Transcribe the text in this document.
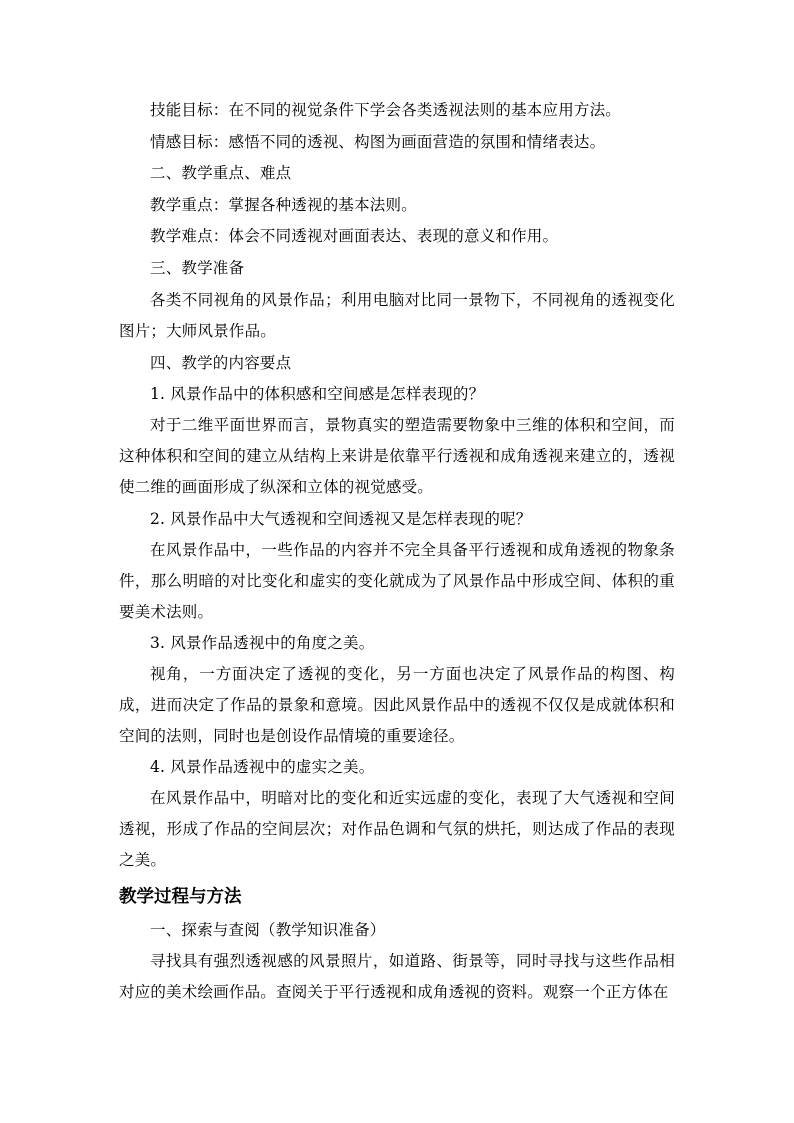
技能目标：在不同的视觉条件下学会各类透视法则的基本应用方法。

情感目标：感悟不同的透视、构图为画面营造的氛围和情绪表达。

二、教学重点、难点

教学重点：掌握各种透视的基本法则。

教学难点：体会不同透视对画面表达、表现的意义和作用。

三、教学准备

各类不同视角的风景作品；利用电脑对比同一景物下，不同视角的透视变化图片；大师风景作品。

四、教学的内容要点

1. 风景作品中的体积感和空间感是怎样表现的？

对于二维平面世界而言，景物真实的塑造需要物象中三维的体积和空间，而这种体积和空间的建立从结构上来讲是依靠平行透视和成角透视来建立的，透视使二维的画面形成了纵深和立体的视觉感受。

2. 风景作品中大气透视和空间透视又是怎样表现的呢？

在风景作品中，一些作品的内容并不完全具备平行透视和成角透视的物象条件，那么明暗的对比变化和虚实的变化就成为了风景作品中形成空间、体积的重要美术法则。

3. 风景作品透视中的角度之美。

视角，一方面决定了透视的变化，另一方面也决定了风景作品的构图、构成，进而决定了作品的景象和意境。因此风景作品中的透视不仅仅是成就体积和空间的法则，同时也是创设作品情境的重要途径。

4. 风景作品透视中的虚实之美。

在风景作品中，明暗对比的变化和近实远虚的变化，表现了大气透视和空间透视，形成了作品的空间层次；对作品色调和气氛的烘托，则达成了作品的表现之美。

教学过程与方法

一、探索与查阅（教学知识准备）

寻找具有强烈透视感的风景照片，如道路、街景等，同时寻找与这些作品相对应的美术绘画作品。查阅关于平行透视和成角透视的资料。观察一个正方体在
